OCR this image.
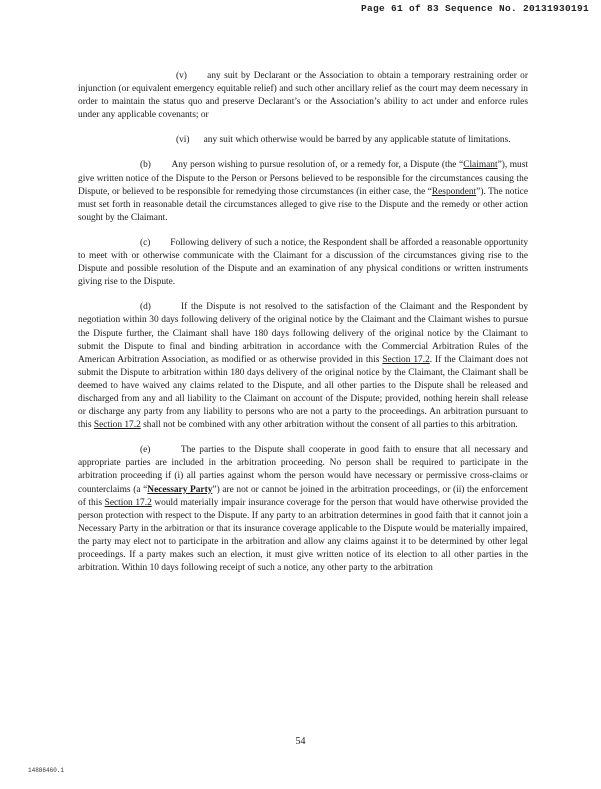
Page 61 of 83 Sequence No. 20131930191

(v) any suit by Declarant or the Association to obtain a temporary restraining order or injunction (or equivalent emergency equitable relief) and such other ancillary relief as the court may deem necessary in order to maintain the status quo and preserve Declarant’s or the Association’s ability to act under and enforce rules under any applicable covenants; or

(vi) any suit which otherwise would be barred by any applicable statute of limitations.

(b) Any person wishing to pursue resolution of, or a remedy for, a Dispute (the “Claimant”), must give written notice of the Dispute to the Person or Persons believed to be responsible for the circumstances causing the Dispute, or believed to be responsible for remedying those circumstances (in either case, the “Respondent”). The notice must set forth in reasonable detail the circumstances alleged to give rise to the Dispute and the remedy or other action sought by the Claimant.

(c) Following delivery of such a notice, the Respondent shall be afforded a reasonable opportunity to meet with or otherwise communicate with the Claimant for a discussion of the circumstances giving rise to the Dispute and possible resolution of the Dispute and an examination of any physical conditions or written instruments giving rise to the Dispute.

(d)	If the Dispute is not resolved to the satisfaction of the Claimant and the Respondent by negotiation within 30 days following delivery of the original notice by the Claimant and the Claimant wishes to pursue the Dispute further, the Claimant shall have 180 days following delivery of the original notice by the Claimant to submit the Dispute to final and binding arbitration in accordance with the Commercial Arbitration Rules of the American Arbitration Association, as modified or as otherwise provided in this Section 17.2. If the Claimant does not submit the Dispute to arbitration within 180 days delivery of the original notice by the Claimant, the Claimant shall be deemed to have waived any claims related to the Dispute, and all other parties to the Dispute shall be released and discharged from any and all liability to the Claimant on account of the Dispute; provided, nothing herein shall release or discharge any party from any liability to persons who are not a party to the proceedings. An arbitration pursuant to this Section 17.2 shall not be combined with any other arbitration without the consent of all parties to this arbitration.

(e)	The parties to the Dispute shall cooperate in good faith to ensure that all necessary and appropriate parties are included in the arbitration proceeding. No person shall be required to participate in the arbitration proceeding if (i) all parties against whom the person would have necessary or permissive cross-claims or counterclaims (a “Necessary Party”) are not or cannot be joined in the arbitration proceedings, or (ii) the enforcement of this Section 17.2 would materially impair insurance coverage for the person that would have otherwise provided the person protection with respect to the Dispute. If any party to an arbitration determines in good faith that it cannot join a Necessary Party in the arbitration or that its insurance coverage applicable to the Dispute would be materially impaired, the party may elect not to participate in the arbitration and allow any claims against it to be determined by other legal proceedings. If a party makes such an election, it must give written notice of its election to all other parties in the arbitration. Within 10 days following receipt of such a notice, any other party to the arbitration

54
14886460.1
